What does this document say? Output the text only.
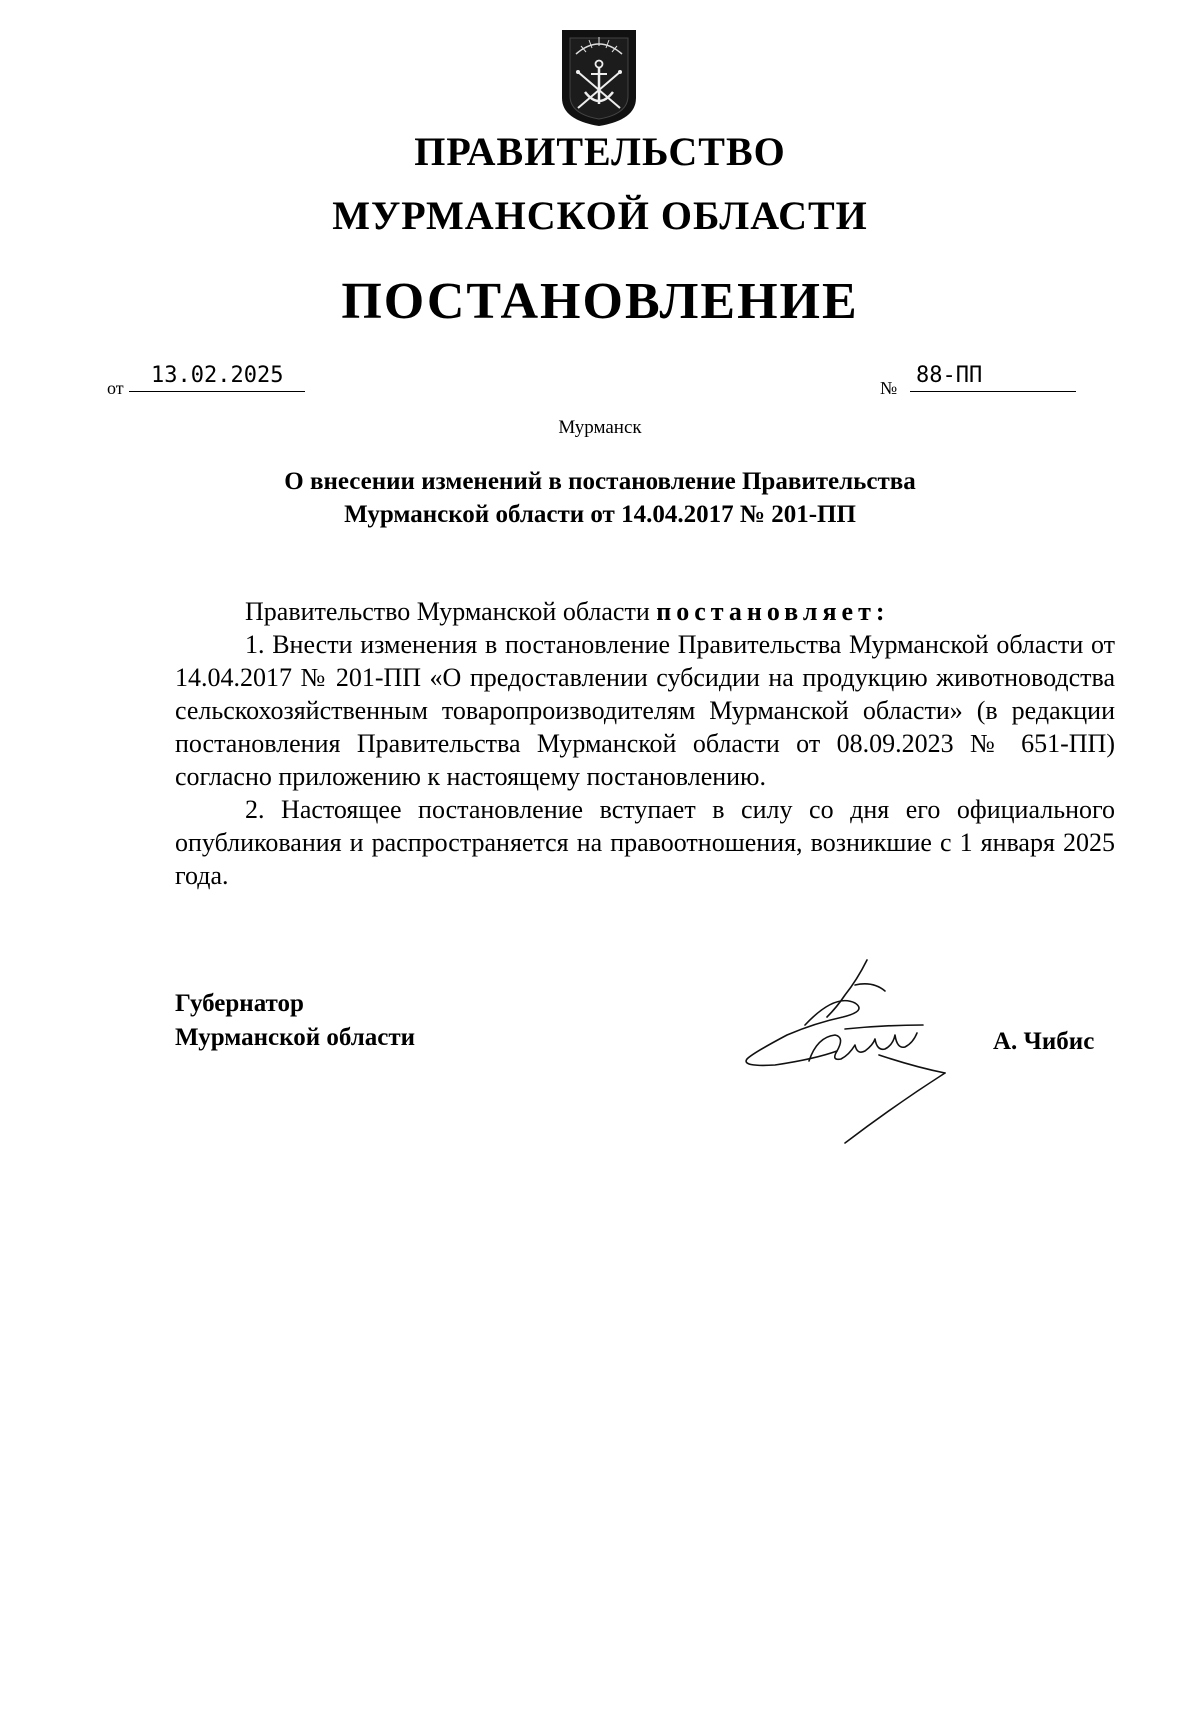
ПРАВИТЕЛЬСТВО
МУРМАНСКОЙ ОБЛАСТИ
ПОСТАНОВЛЕНИЕ
от	13.02.2025	№ 88-ПП
Мурманск
О внесении изменений в постановление Правительства
Мурманской области от 14.04.2017 № 201-ПП

Правительство Мурманской области постановляет:

1. Внести изменения в постановление Правительства Мурманской области от 14.04.2017 № 201-ПП «О предоставлении субсидии на продукцию животноводства сельскохозяйственным товаропроизводителям Мурманской области» (в редакции постановления Правительства Мурманской области от 08.09.2023 № 651-ПП) согласно приложению к настоящему постановлению.

2. Настоящее постановление вступает в силу со дня его официального опубликования и распространяется на правоотношения, возникшие с 1 января 2025 года.

Губернатор
Мурманской области	А. Чибис
